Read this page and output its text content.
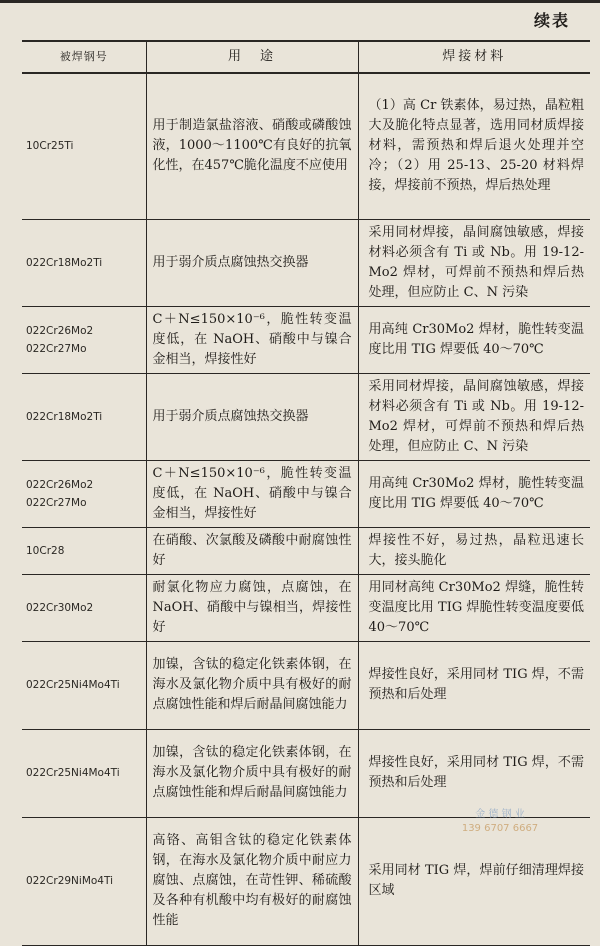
续表
被焊钢号	用　途	焊接材料

10Cr25Ti	用于制造氯盐溶液、硝酸或磷酸蚀液，1000～1100℃有良好的抗氧化性，在457℃脆化温度不应使用	（1）高 Cr 铁素体，易过热，晶粒粗大及脆化特点显著，选用同材质焊接材料，需预热和焊后退火处理并空冷；（2）用 25-13、25-20 材料焊接，焊接前不预热，焊后热处理

022Cr18Mo2Ti	用于弱介质点腐蚀热交换器	采用同材焊接，晶间腐蚀敏感，焊接材料必须含有 Ti 或 Nb。用 19-12-Mo2 焊材，可焊前不预热和焊后热处理，但应防止 C、N 污染

022Cr26Mo2
022Cr27Mo	C＋N≤150×10⁻⁶，脆性转变温度低，在 NaOH、硝酸中与镍合金相当，焊接性好	用高纯 Cr30Mo2 焊材，脆性转变温度比用 TIG 焊要低 40～70℃

022Cr18Mo2Ti	用于弱介质点腐蚀热交换器	采用同材焊接，晶间腐蚀敏感，焊接材料必须含有 Ti 或 Nb。用 19-12-Mo2 焊材，可焊前不预热和焊后热处理，但应防止 C、N 污染

022Cr26Mo2
022Cr27Mo	C＋N≤150×10⁻⁶，脆性转变温度低，在 NaOH、硝酸中与镍合金相当，焊接性好	用高纯 Cr30Mo2 焊材，脆性转变温度比用 TIG 焊要低 40～70℃

10Cr28	在硝酸、次氯酸及磷酸中耐腐蚀性好	焊接性不好，易过热，晶粒迅速长大，接头脆化

022Cr30Mo2	耐氯化物应力腐蚀，点腐蚀，在 NaOH、硝酸中与镍相当，焊接性好	用同材高纯 Cr30Mo2 焊缝，脆性转变温度比用 TIG 焊脆性转变温度要低 40～70℃

022Cr25Ni4Mo4Ti	加镍，含钛的稳定化铁素体钢，在海水及氯化物介质中具有极好的耐点腐蚀性能和焊后耐晶间腐蚀能力	焊接性良好，采用同材 TIG 焊，不需预热和后处理

022Cr25Ni4Mo4Ti	加镍，含钛的稳定化铁素体钢，在海水及氯化物介质中具有极好的耐点腐蚀性能和焊后耐晶间腐蚀能力	焊接性良好，采用同材 TIG 焊，不需预热和后处理

022Cr29NiMo4Ti	高铬、高钼含钛的稳定化铁素体钢，在海水及氯化物介质中耐应力腐蚀、点腐蚀，在苛性钾、稀硫酸及各种有机酸中均有极好的耐腐蚀性能	采用同材 TIG 焊，焊前仔细清理焊接区域
金 德 钢 业
139 6707 6667
